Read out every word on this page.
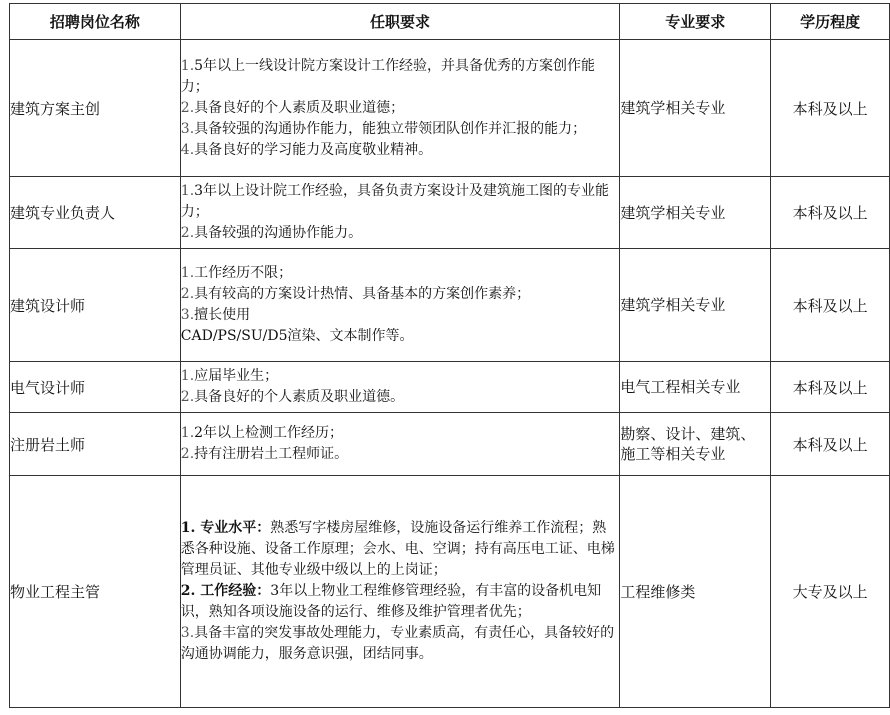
招聘岗位名称	任职要求	专业要求	学历程度
建筑方案主创	1.5年以上一线设计院方案设计工作经验，并具备优秀的方案创作能力；

2.具备良好的个人素质及职业道德；

3.具备较强的沟通协作能力，能独立带领团队创作并汇报的能力；

4.具备良好的学习能力及高度敬业精神。	建筑学相关专业	本科及以上
建筑专业负责人	1.3年以上设计院工作经验，具备负责方案设计及建筑施工图的专业能力；

2.具备较强的沟通协作能力。	建筑学相关专业	本科及以上
建筑设计师	1.工作经历不限；

2.具有较高的方案设计热情、具备基本的方案创作素养；

3.擅长使用

CAD/PS/SU/D5渲染、文本制作等。	建筑学相关专业	本科及以上
电气设计师	1.应届毕业生；

2.具备良好的个人素质及职业道德。	电气工程相关专业	本科及以上
注册岩土师	1.2年以上检测工作经历；

2.持有注册岩土工程师证。	勘察、设计、建筑、施工等相关专业	本科及以上
物业工程主管	1. 专业水平：熟悉写字楼房屋维修，设施设备运行维养工作流程；熟悉各种设施、设备工作原理；会水、电、空调；持有高压电工证、电梯管理员证、其他专业级中级以上的上岗证；

2. 工作经验：3年以上物业工程维修管理经验，有丰富的设备机电知识，熟知各项设施设备的运行、维修及维护管理者优先；

3.具备丰富的突发事故处理能力，专业素质高，有责任心，具备较好的沟通协调能力，服务意识强，团结同事。	工程维修类	大专及以上
